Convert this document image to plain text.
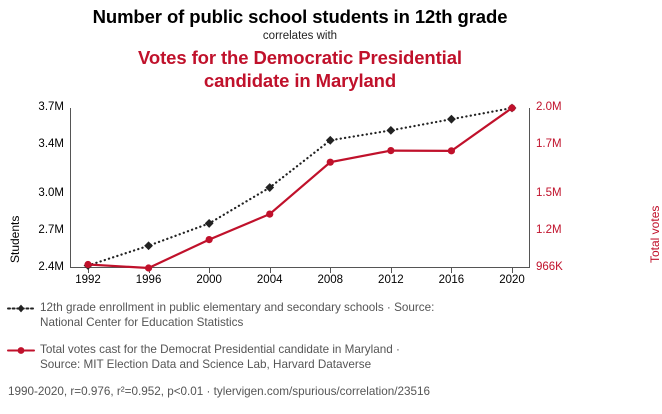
Number of public school students in 12th grade
correlates with
Votes for the Democratic Presidential
candidate in Maryland
1992	1996	2000	2004	2008	2012	2016	2020
2.4M
2.7M
3.0M
3.4M
3.7M
966K
1.2M
1.5M
1.7M
2.0M
Students	Total votes
12th grade enrollment in public elementary and secondary schools · Source:
National Center for Education Statistics
Total votes cast for the Democrat Presidential candidate in Maryland ·
Source: MIT Election Data and Science Lab, Harvard Dataverse
1990-2020, r=0.976, r²=0.952, p<0.01 · tylervigen.com/spurious/correlation/23516
